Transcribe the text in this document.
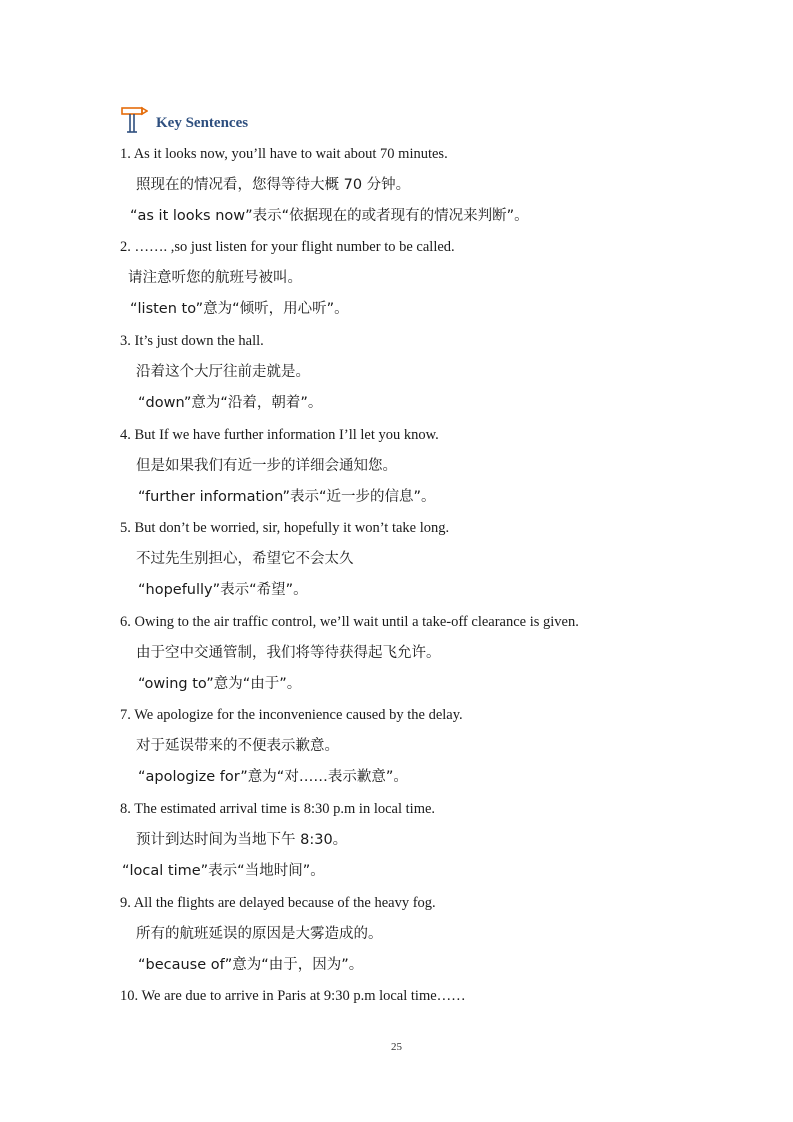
Key Sentences
1. As it looks now, you’ll have to wait about 70 minutes.
照现在的情况看，您得等待大概 70 分钟。
“as it looks now”表示“依据现在的或者现有的情况来判断”。
2. ……. ,so just listen for your flight number to be called.
请注意听您的航班号被叫。
“listen to”意为“倾听，用心听”。
3. It’s just down the hall.
沿着这个大厅往前走就是。
“down”意为“沿着，朝着”。
4. But If we have further information I’ll let you know.
但是如果我们有近一步的详细会通知您。
“further information”表示“近一步的信息”。
5. But don’t be worried, sir, hopefully it won’t take long.
不过先生别担心，希望它不会太久
“hopefully”表示“希望”。
6. Owing to the air traffic control, we’ll wait until a take-off clearance is given.
由于空中交通管制，我们将等待获得起飞允许。
“owing to”意为“由于”。
7. We apologize for the inconvenience caused by the delay.
对于延误带来的不便表示歉意。
“apologize for”意为“对……表示歉意”。
8. The estimated arrival time is 8:30 p.m in local time.
预计到达时间为当地下午 8:30。
“local time”表示“当地时间”。
9. All the flights are delayed because of the heavy fog.
所有的航班延误的原因是大雾造成的。
“because of”意为“由于，因为”。
10. We are due to arrive in Paris at 9:30 p.m local time……
25
